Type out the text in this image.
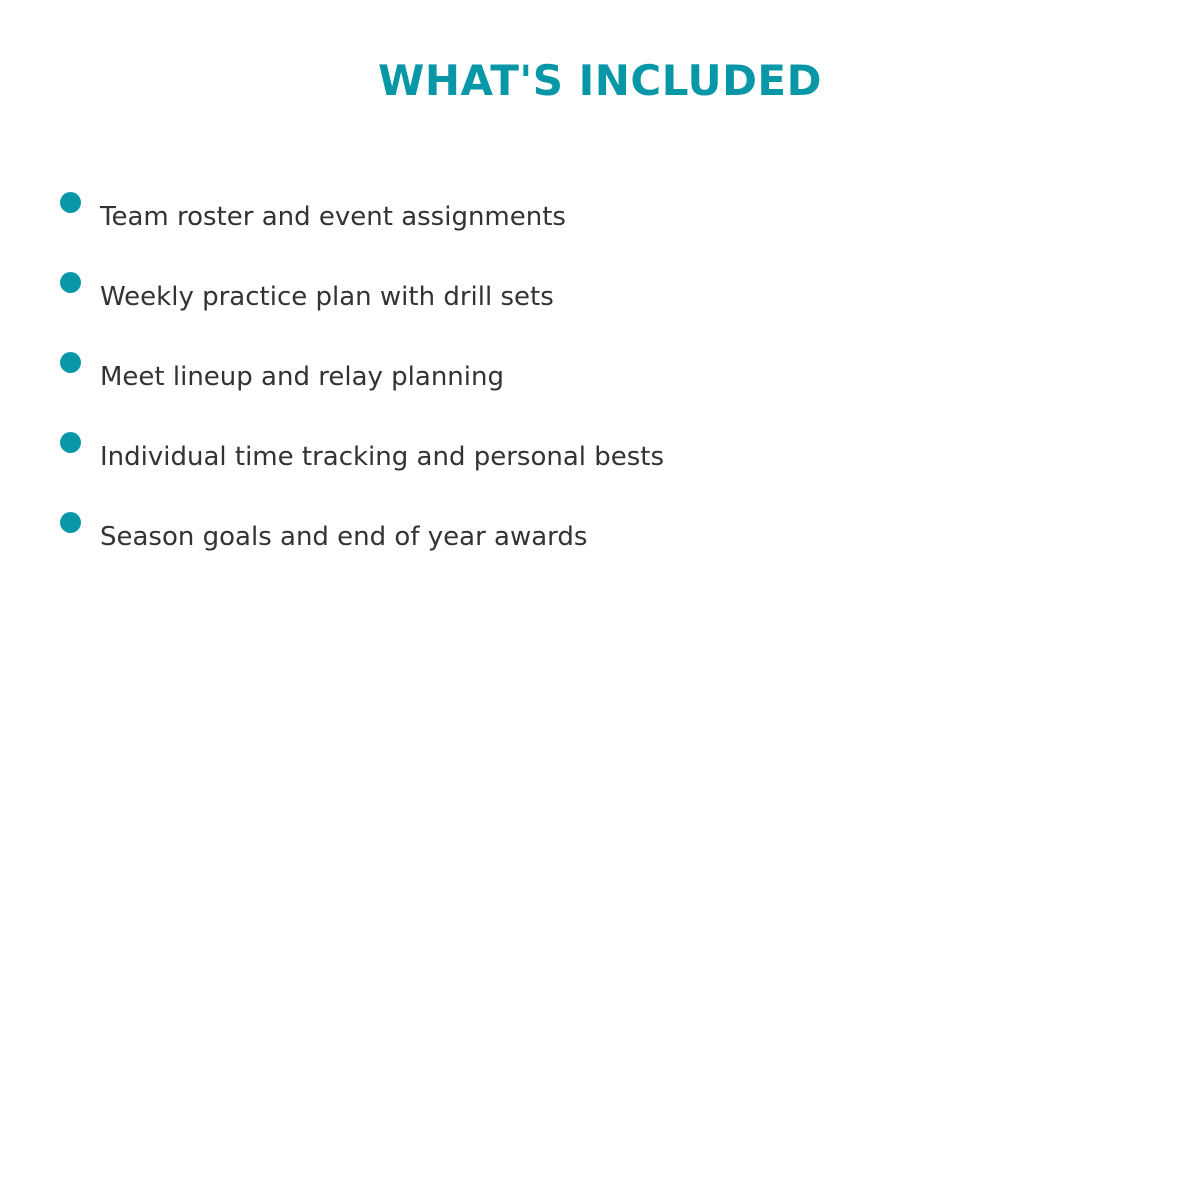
WHAT'S INCLUDED
Team roster and event assignments
Weekly practice plan with drill sets
Meet lineup and relay planning
Individual time tracking and personal bests
Season goals and end of year awards
